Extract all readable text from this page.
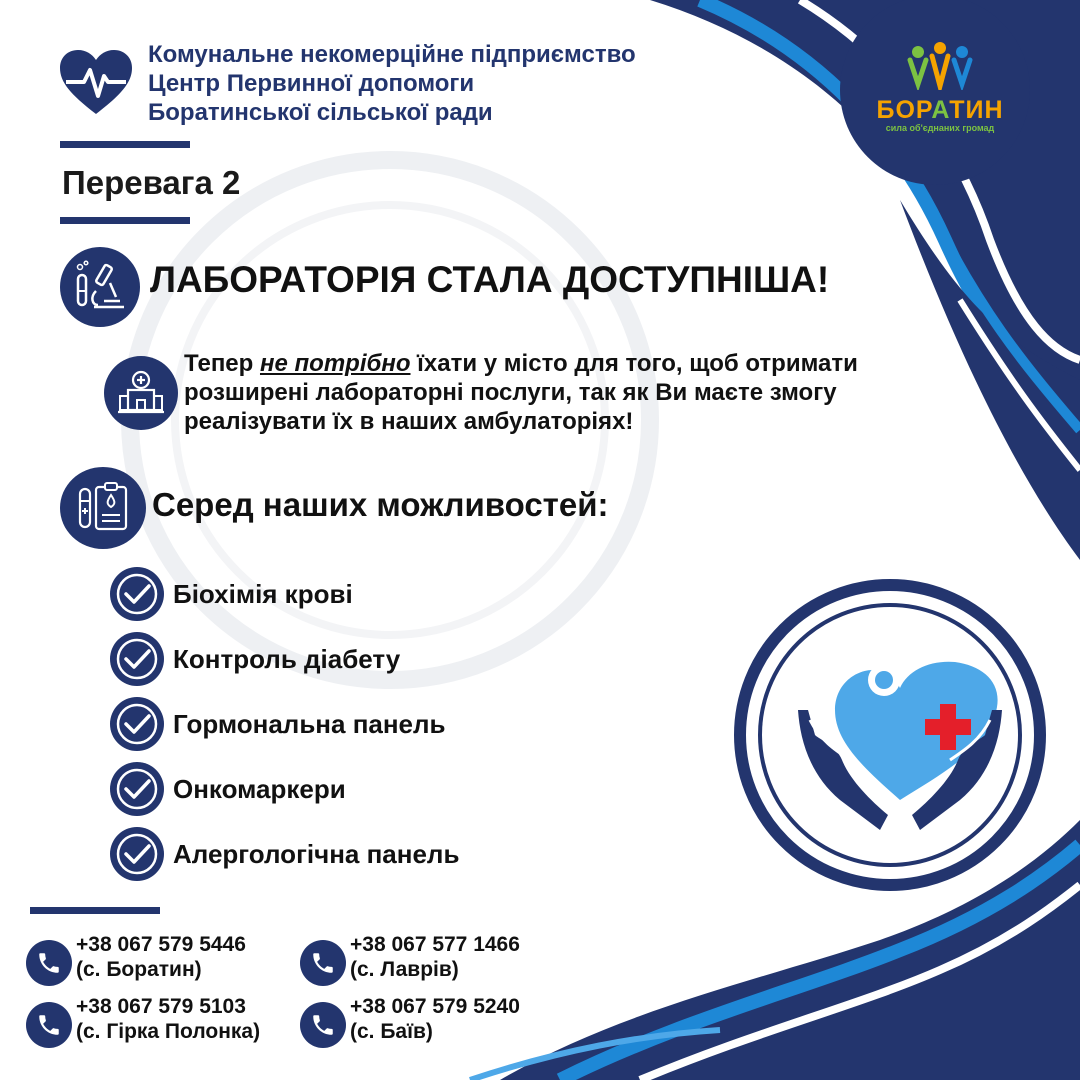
Комунальне некомерційне підприємство
Центр Первинної допомоги
Боратинської сільської ради	БОРАТИН
сила об'єднаних громад
Перевага 2
ЛАБОРАТОРІЯ СТАЛА ДОСТУПНІША!
Тепер не потрібно їхати у місто для того, щоб отримати розширені лабораторні послуги, так як Ви маєте змогу реалізувати їх в наших амбулаторіях!
Серед наших можливостей:
Біохімія крові
Контроль діабету
Гормональна панель
Онкомаркери
Алергологічна панель
+38 067 579 5446
(с. Боратин)
+38 067 577 1466
(с. Лаврів)
+38 067 579 5103
(с. Гірка Полонка)
+38 067 579 5240
(с. Баїв)
